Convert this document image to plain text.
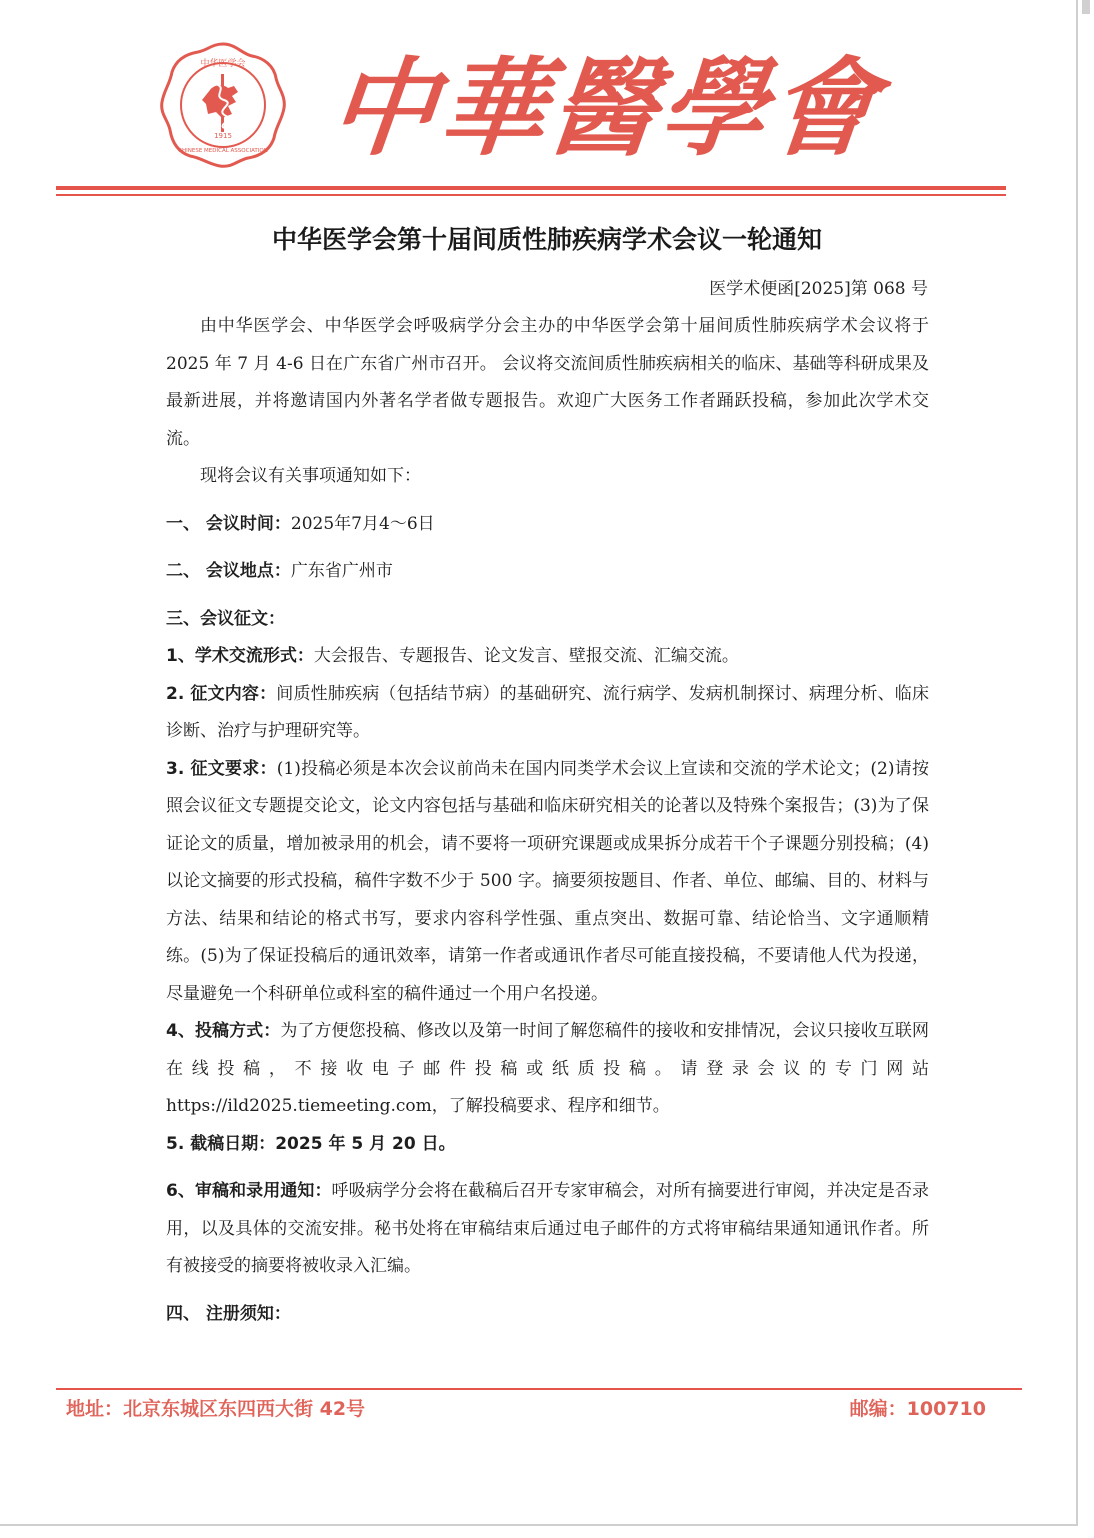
中华医学会
1915
CHINESE MEDICAL ASSOCIATION 中華醫學會
中华医学会第十届间质性肺疾病学术会议一轮通知
医学术便函[2025]第 068 号

由中华医学会、中华医学会呼吸病学分会主办的中华医学会第十届间质性肺疾病学术会议将于 2025 年 7 月 4-6 日在广东省广州市召开。 会议将交流间质性肺疾病相关的临床、基础等科研成果及最新进展，并将邀请国内外著名学者做专题报告。欢迎广大医务工作者踊跃投稿，参加此次学术交流。

现将会议有关事项通知如下：

一、 会议时间：2025年7月4～6日

二、 会议地点：广东省广州市

三、会议征文：

1、学术交流形式：大会报告、专题报告、论文发言、壁报交流、汇编交流。

2. 征文内容：间质性肺疾病（包括结节病）的基础研究、流行病学、发病机制探讨、病理分析、临床诊断、治疗与护理研究等。

3. 征文要求：(1)投稿必须是本次会议前尚未在国内同类学术会议上宣读和交流的学术论文；(2)请按照会议征文专题提交论文，论文内容包括与基础和临床研究相关的论著以及特殊个案报告；(3)为了保证论文的质量，增加被录用的机会，请不要将一项研究课题或成果拆分成若干个子课题分别投稿；(4)以论文摘要的形式投稿，稿件字数不少于 500 字。摘要须按题目、作者、单位、邮编、目的、材料与方法、结果和结论的格式书写，要求内容科学性强、重点突出、数据可靠、结论恰当、文字通顺精练。(5)为了保证投稿后的通讯效率，请第一作者或通讯作者尽可能直接投稿，不要请他人代为投递，尽量避免一个科研单位或科室的稿件通过一个用户名投递。

4、投稿方式：为了方便您投稿、修改以及第一时间了解您稿件的接收和安排情况，会议只接收互联网在线投稿，不接收电子邮件投稿或纸质投稿。请登录会议的专门网站 https://ild2025.tiemeeting.com，了解投稿要求、程序和细节。

5. 截稿日期：2025 年 5 月 20 日。

6、审稿和录用通知：呼吸病学分会将在截稿后召开专家审稿会，对所有摘要进行审阅，并决定是否录用，以及具体的交流安排。秘书处将在审稿结束后通过电子邮件的方式将审稿结果通知通讯作者。所有被接受的摘要将被收录入汇编。

四、 注册须知：

地址：北京东城区东四西大街 42号	邮编：100710
